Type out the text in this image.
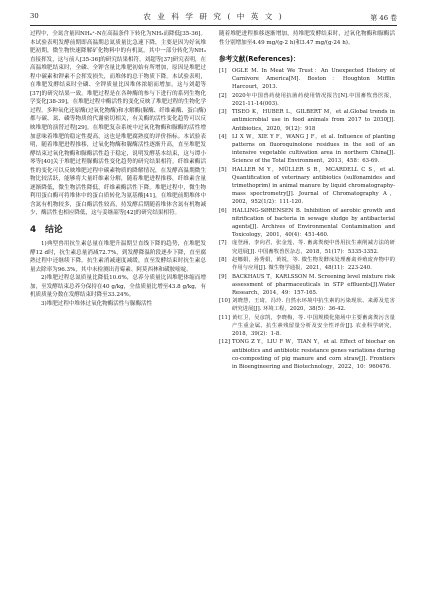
30	农 业 科 学 研 究 ( 中 英 文 )	第 46 卷

过程中，全氮含量因NH₄⁺-N在高温条件下转化为NH₃而降低[35-36]。本试验表明发酵前期即高温期总氮质量比急速下降，主要是因为好氧堆肥初期，微生物快速降解矿化物料中的有机氮，其中一部分转化为NH₃直接挥发，这与前人[35-36]的研究结果相符。刘超等[37]研究表明，在高温堆肥结束时，全磷、全钾含量比堆肥初始有所增加，原因是堆肥过程中碳素和钾素不会挥发损失，而堆体的总干物质下降。本试验表明，在堆肥发酵结束时全磷、全钾质量比因堆体浓缩而增加，这与刘超等[37]的研究结果一致。堆肥过程是在各种酶的参与下进行的系列生物化学变化[38-39]，在堆肥过程中酶活性的变化反映了堆肥过程的生物化学过程。多种氧化还原酶(过氧化物酶)和水解酶(脲酶、纤维素酶、蛋白酶)都与碳、氮、磷等物质的代谢密切相关，有关酶的活性变化趋势可以反映堆肥的演替过程[29]。在堆肥复杂系统中过氧化物酶和脲酶的活性增加意味着堆肥的稳定性提高，这也是堆肥腐熟度的评价指标。本试验表明，随着堆肥进程推移，过氧化物酶和脲酶活性逐渐升高，直至堆肥发酵结束过氧化物酶和脲酶活性趋于稳定，说明发酵基本结束，这与谭小琴等[40]关于堆肥过程脲酶活性变化趋势的研究结果相符。纤维素酶活性的变化可以反映堆肥过程中碳素物质的降解情况，在发酵高温期微生物比较活跃，能够将大量纤维素分解，随着堆肥进程推移，纤维素含量逐渐降低，微生物活性降低，纤维素酶活性下降。堆肥过程中，微生物利用蛋白酶可将堆体中的蛋白质转化为氨基酸[41]，在堆肥前期堆体中含氮有机物较多，蛋白酶活性较高，持发酵后期随着堆体含氮有机物减少，酶活性也相应降低，这与姜继韶等[42]的研究结果相符。

4 结论

1)典型兽用抗生素总量在堆肥升温期呈直线下降的趋势，在堆肥发酵12 d时，抗生素总量消减72.7%，到发酵降温阶段逐步下降，直至腐熟过程中还继续下降，抗生素消减速度减缓，直至发酵结束时抗生素总量去除率为96.3%，其中未检测出青霉素、阿莫西林和磺胺嘧啶。

2)堆肥过程总氮质量比降低10.6%，总养分质量比因堆肥体缩而增加，至发酵结束总养分保持在40 g/kg，全盐质量比增至43.8 g/kg，有机质质量分数在发酵结束时降至33.24%。

3)堆肥过程中堆体过氧化物酶活性与脲酶活性

随着堆肥进程推移逐渐增加，持堆肥发酵结束时，过氧化物酶和脲酶活性分别增加至4.49 mg/(g·2 h)和3.47 mg/(g·24 h)。

参考文献(References)：
[1] OGLE M. In Meat We Trust：An Unexpected History of Carnivore America[M]. Boston：Houghton Mifflin Harcourt，2013.
[2] 2020年中国兽药使用抗菌药使用情况报告[N].中国畜牧兽医报，2021-11-14(003).
[3] TISEO K，HUBER L，GILBERT M，et al.Global trends in antimicrobial use in food animals from 2017 to 2030[J]. Antibiotics，2020，9(12)：918
[4] LI X W，XIE Y F，WANG J F，et al. Influence of planting patterns on fluoroquinolone residues in the soil of an intensive vegetable cultivation area in northern China[J]. Science of the Total Environment，2013，458：63-69.
[5] HALLER M Y，MÜLLER S R，MCARDELL C S，et al. Quantification of veterinary antibiotics (sulfonamides and trimethoprim) in animal manure by liquid chromatography-mass spectrometry[J]. Journal of Chromatography A，2002，952(1/2)：111-120.
[6] HALLING-SØRENSEN B. Inhibition of aerobic growth and nitrification of bacteria in sewage sludge by antibacterial agents[J]. Archives of Environmental Contamination and Toxicology，2001，40(4)：451-460.
[7] 庞登涵，李向君，张金莲，等. 畜禽粪便中兽用抗生素削减方法的研究进展[J]. 中国畜牧兽医杂志，2018，51(17)：5335-3352.
[8] 赵娜娟，孙秀娟，黄锐，等. 微生物发酵床处理畜禽养殖废弃物中的作用与应用[J]. 微生物学通报，2021，48(11)：223-240.
[9] BACKHAUS T，KARLSSON M. Screening level mixture risk assessment of pharmaceuticals in STP effluents[J].Water Research，2014，49：157-165.
[10] 刘晓慧，王琦，冯玲. 自然水环境中抗生素的污染现状、来源及危害研究进展[J]. 环境工程，2020，38(5)：36-42.
[11] 黄红卫，吴彦凯，李晓梅，等. 中国规模化猪场中主要畜禽粪污含量产生重金属、抗生素残留量分析及安全性评价[J]. 农业科学研究，2018，39(2)：1-8.
[12] TONG Z Y，LIU F W，TIAN Y，et al. Effect of biochar on antibiotics and antibiotic resistance genes variations during co-composting of pig manure and corn straw[J]. Frontiers in Bioengineering and Biotechnology，2022，10：960476.
